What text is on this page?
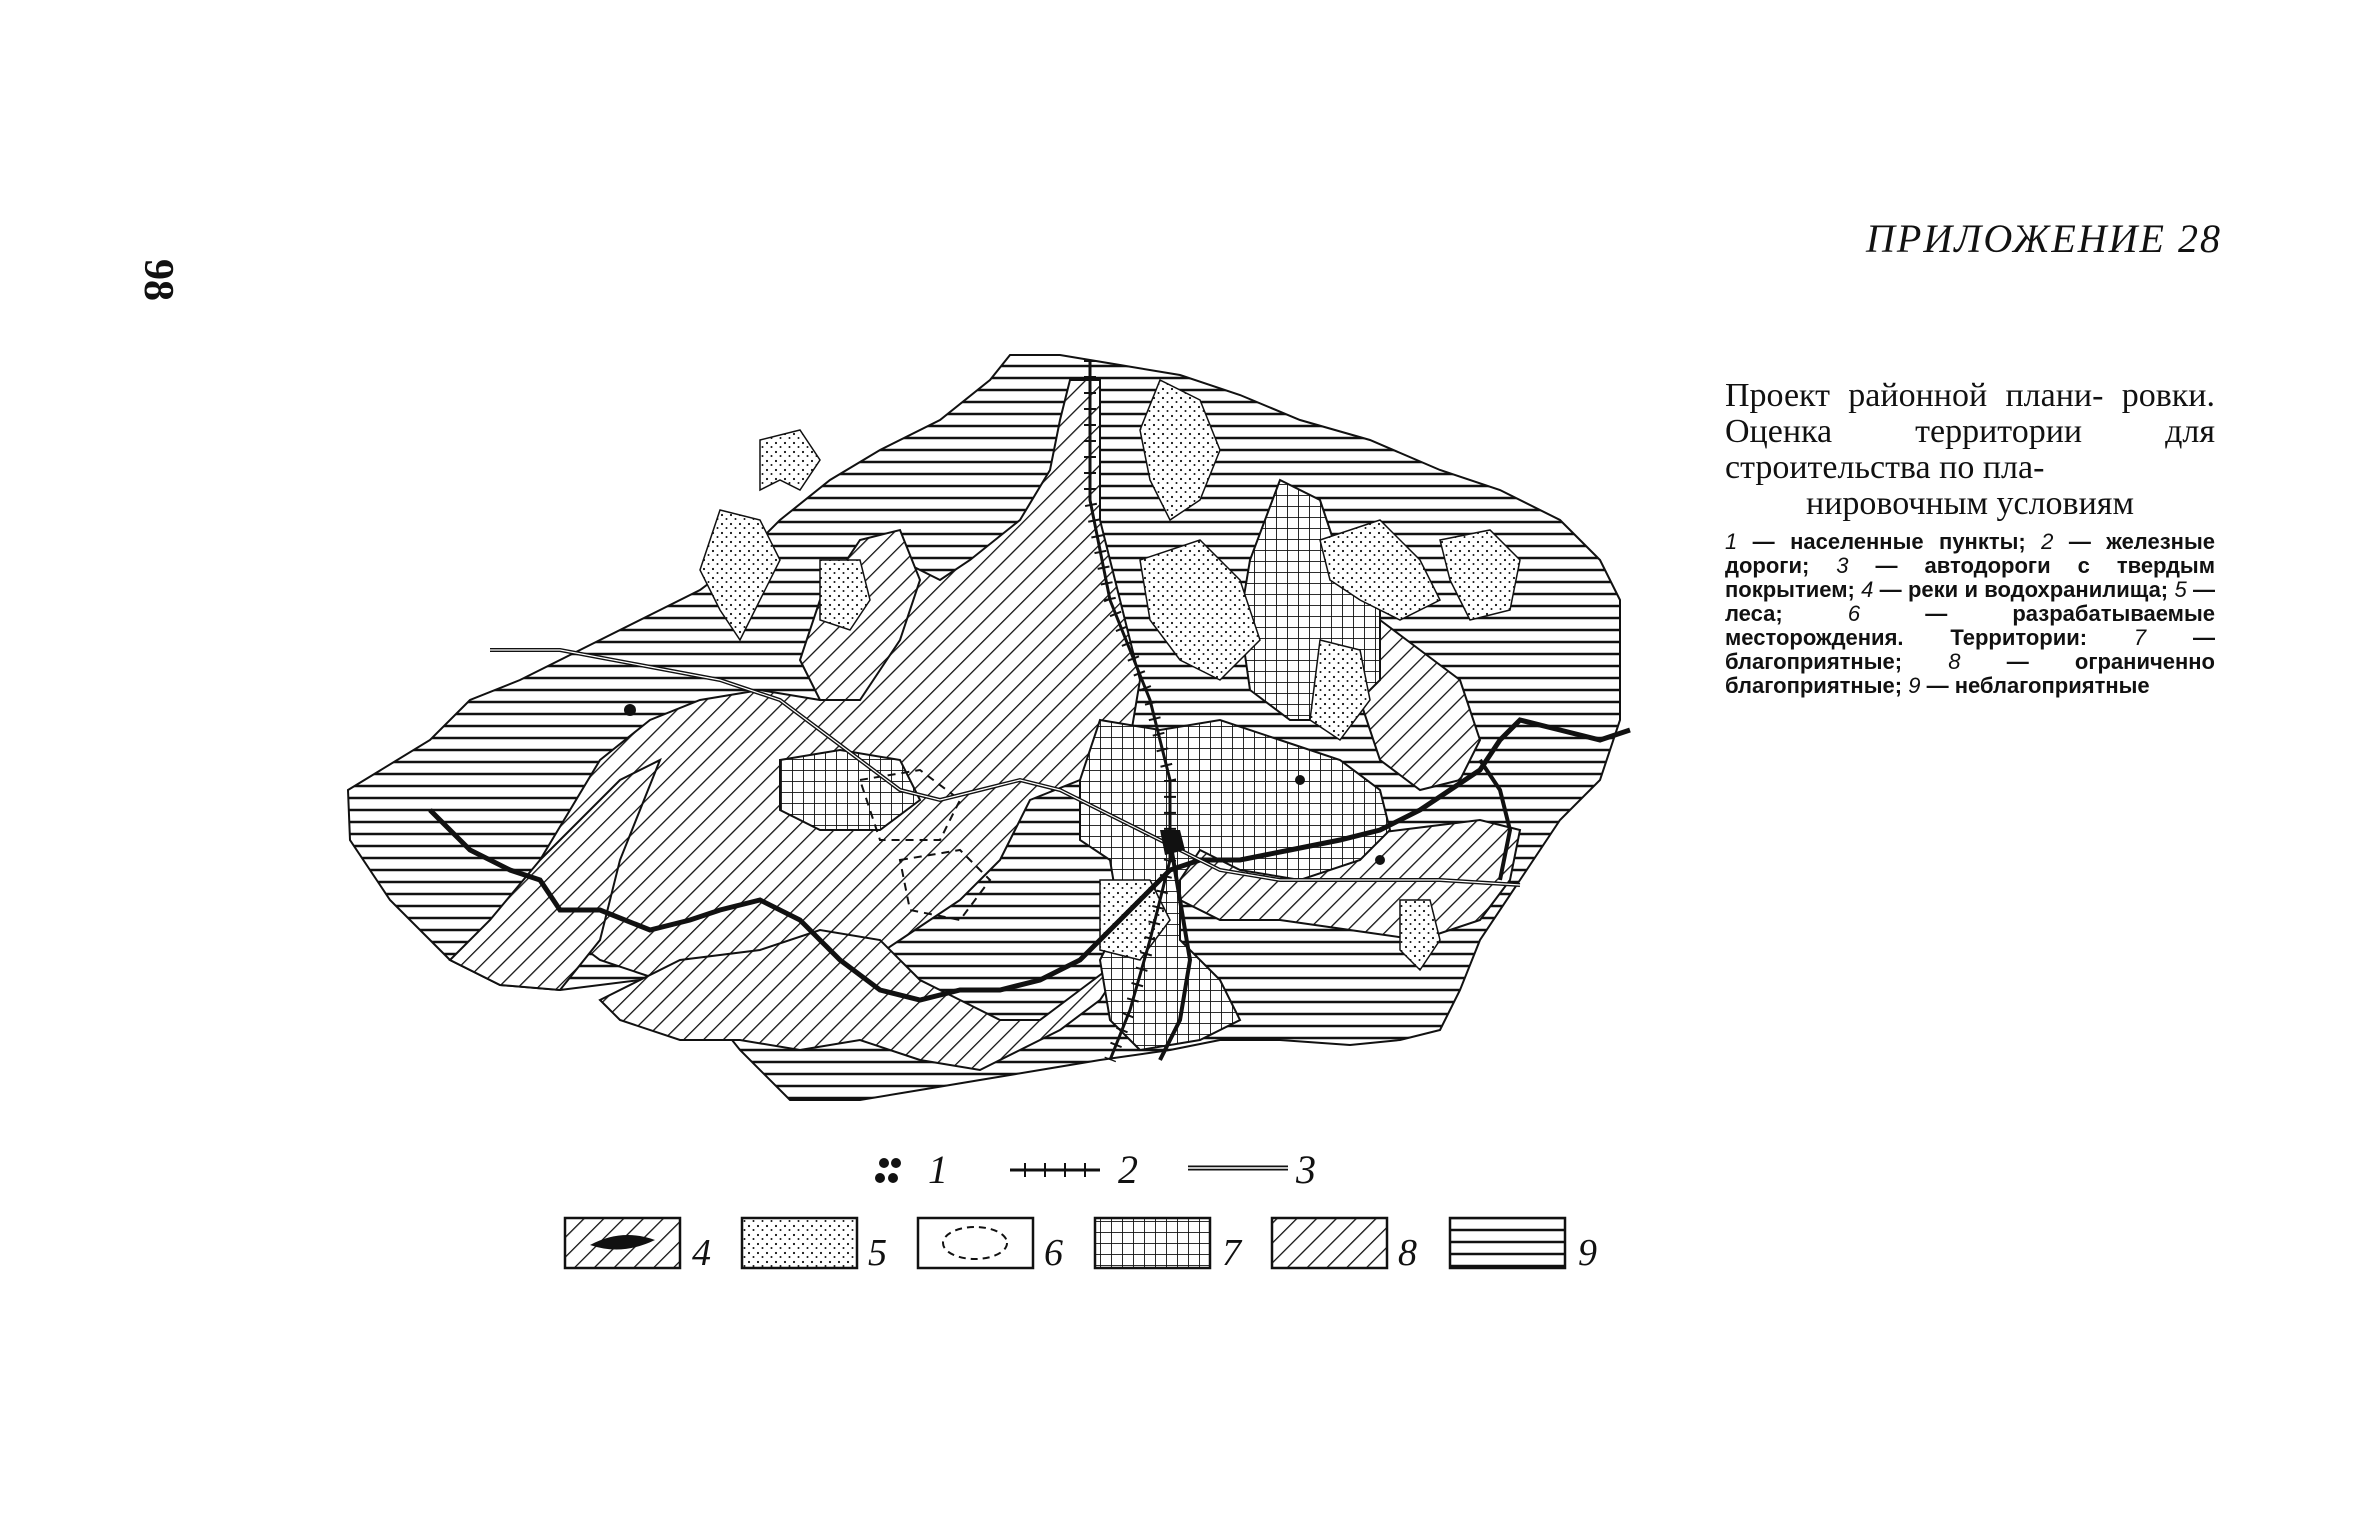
98
ПРИЛОЖЕНИЕ 28

Проект районной плани- ровки. Оценка территории для строительства по пла-
нировочным условиям

1 — населенные пункты; 2 — железные дороги; 3 — автодороги с твердым покрытием; 4 — реки и водохранилища; 5 — леса;	6 — разрабатываемые месторождения. Территории: 7 — благоприятные; 8 — ограниченно благоприятные; 9 — неблагоприятные

1	2	3
4	5	6	7	8	9
